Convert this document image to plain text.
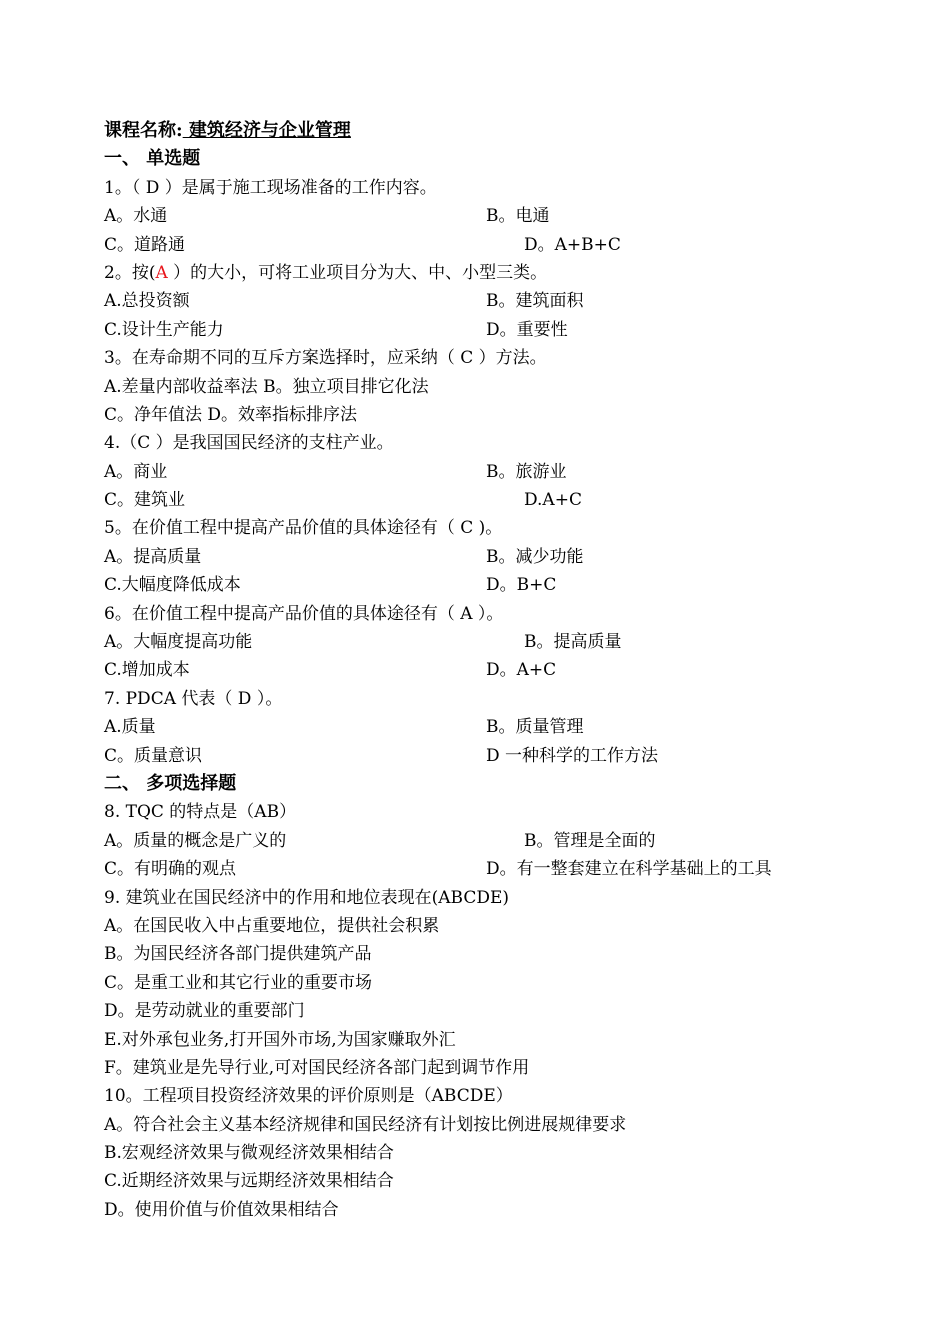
课程名称: 建筑经济与企业管理
一、 单选题
1。（ D ）是属于施工现场准备的工作内容。
A。水通	B。电通
C。道路通	D。A+B+C
2。按(A ）的大小，可将工业项目分为大、中、小型三类。
A.总投资额	B。建筑面积
C.设计生产能力	D。重要性
3。在寿命期不同的互斥方案选择时，应采纳（ C ）方法。
A.差量内部收益率法 B。独立项目排它化法
C。净年值法 D。效率指标排序法
4.（C ）是我国国民经济的支柱产业。
A。商业	B。旅游业
C。建筑业	D.A+C
5。在价值工程中提高产品价值的具体途径有（ C )。
A。提高质量	B。减少功能
C.大幅度降低成本	D。B+C
6。在价值工程中提高产品价值的具体途径有（ A ）。
A。大幅度提高功能	B。提高质量
C.增加成本	D。A+C
7. PDCA 代表（ D ）。
A.质量	B。质量管理
C。质量意识	D 一种科学的工作方法
二、 多项选择题
8. TQC 的特点是（AB）
A。质量的概念是广义的	B。管理是全面的
C。有明确的观点	D。有一整套建立在科学基础上的工具
9. 建筑业在国民经济中的作用和地位表现在(ABCDE)
A。在国民收入中占重要地位，提供社会积累
B。为国民经济各部门提供建筑产品
C。是重工业和其它行业的重要市场
D。是劳动就业的重要部门
E.对外承包业务,打开国外市场,为国家赚取外汇
F。建筑业是先导行业,可对国民经济各部门起到调节作用
10。工程项目投资经济效果的评价原则是（ABCDE）
A。符合社会主义基本经济规律和国民经济有计划按比例进展规律要求
B.宏观经济效果与微观经济效果相结合
C.近期经济效果与远期经济效果相结合
D。使用价值与价值效果相结合
